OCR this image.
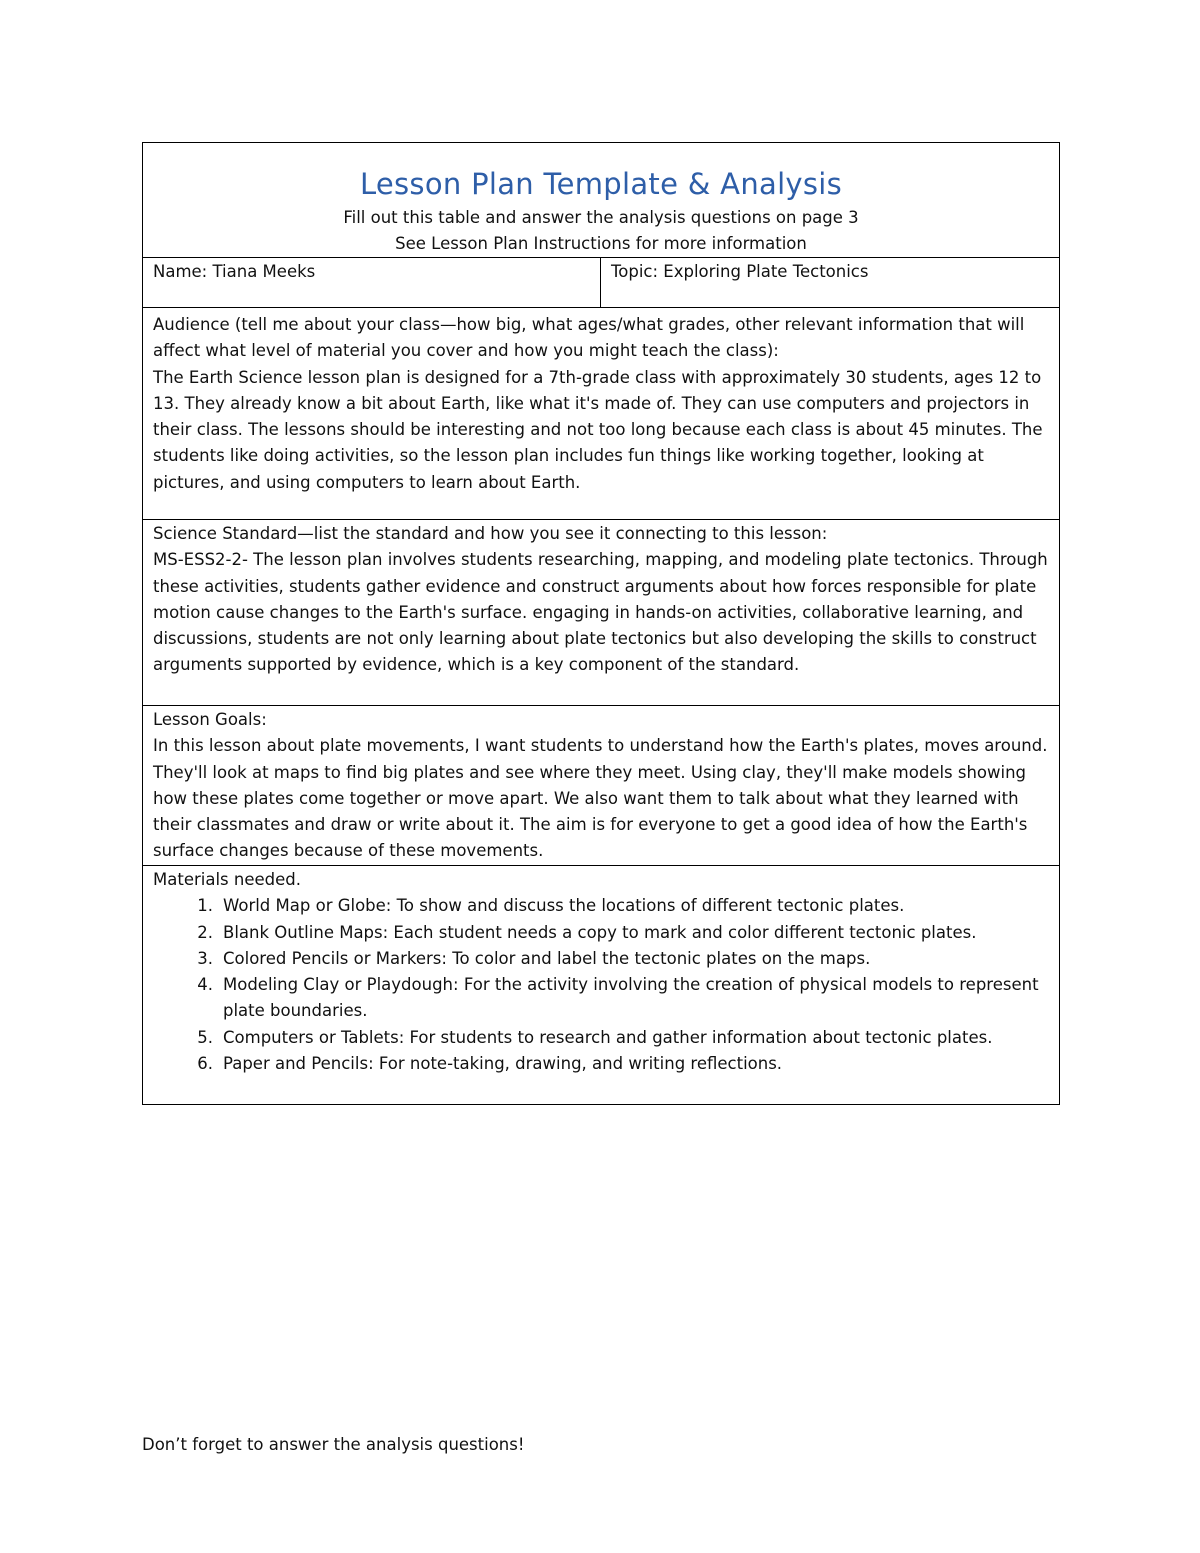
Lesson Plan Template & Analysis
Fill out this table and answer the analysis questions on page 3
See Lesson Plan Instructions for more information

Name: Tiana Meeks	Topic: Exploring Plate Tectonics

Audience (tell me about your class—how big, what ages/what grades, other relevant information that will affect what level of material you cover and how you might teach the class):
The Earth Science lesson plan is designed for a 7th-grade class with approximately 30 students, ages 12 to 13. They already know a bit about Earth, like what it's made of. They can use computers and projectors in their class. The lessons should be interesting and not too long because each class is about 45 minutes. The students like doing activities, so the lesson plan includes fun things like working together, looking at pictures, and using computers to learn about Earth.

Science Standard—list the standard and how you see it connecting to this lesson:
MS-ESS2-2- The lesson plan involves students researching, mapping, and modeling plate tectonics. Through these activities, students gather evidence and construct arguments about how forces responsible for plate motion cause changes to the Earth's surface. engaging in hands-on activities, collaborative learning, and discussions, students are not only learning about plate tectonics but also developing the skills to construct arguments supported by evidence, which is a key component of the standard.

Lesson Goals:
In this lesson about plate movements, I want students to understand how the Earth's plates, moves around. They'll look at maps to find big plates and see where they meet. Using clay, they'll make models showing how these plates come together or move apart. We also want them to talk about what they learned with their classmates and draw or write about it. The aim is for everyone to get a good idea of how the Earth's surface changes because of these movements.

Materials needed.
1. World Map or Globe: To show and discuss the locations of different tectonic plates.
2. Blank Outline Maps: Each student needs a copy to mark and color different tectonic plates.
3. Colored Pencils or Markers: To color and label the tectonic plates on the maps.
4. Modeling Clay or Playdough: For the activity involving the creation of physical models to represent plate boundaries.
5. Computers or Tablets: For students to research and gather information about tectonic plates.
6. Paper and Pencils: For note-taking, drawing, and writing reflections.
Don’t forget to answer the analysis questions!
